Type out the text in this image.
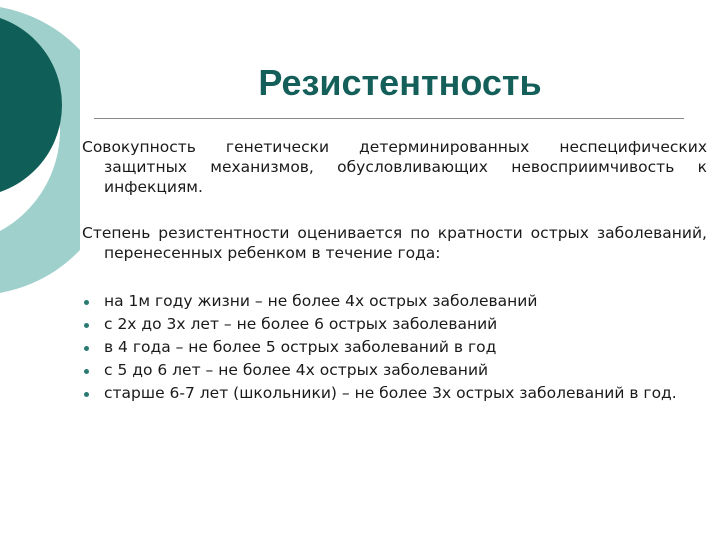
Резистентность
Совокупность генетически детерминированных неспецифических защитных механизмов, обусловливающих невосприимчивость к инфекциям.
Степень резистентности оценивается по кратности острых заболеваний, перенесенных ребенком в течение года:
на 1м году жизни – не более 4х острых заболеваний
с 2х до 3х лет – не более 6 острых заболеваний
в 4 года – не более 5 острых заболеваний в год
с 5 до 6 лет – не более 4х острых заболеваний
старше 6-7 лет (школьники) – не более 3х острых заболеваний в год.
